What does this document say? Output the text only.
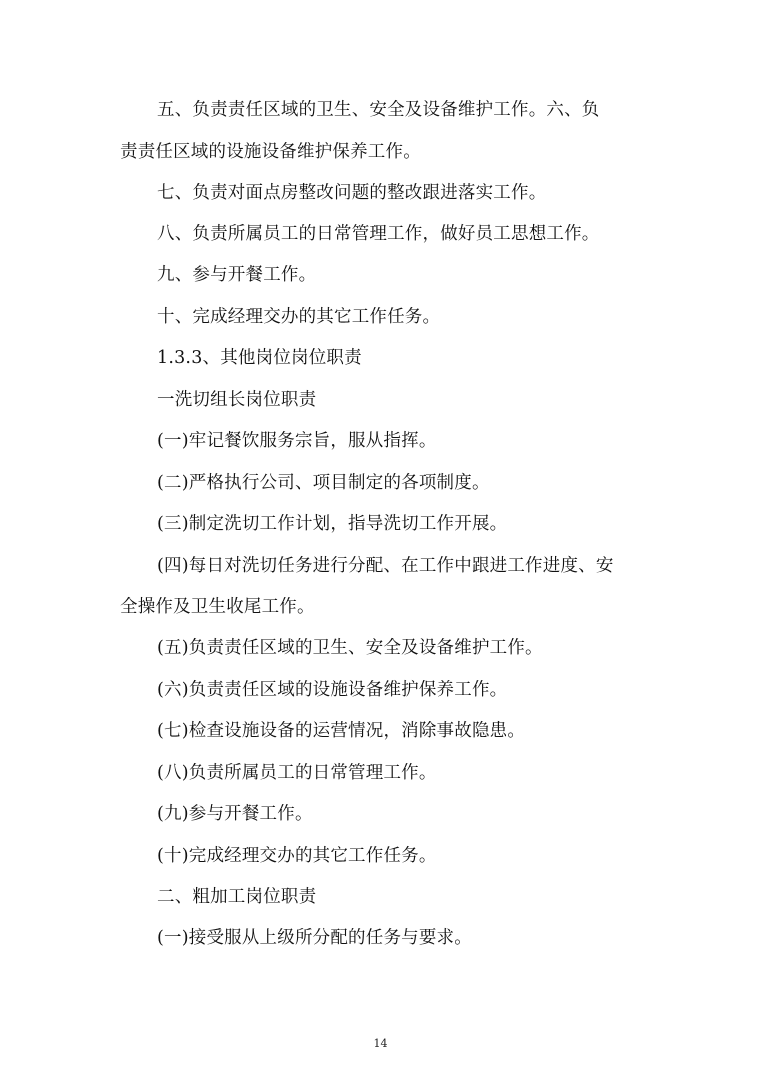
五、负责责任区域的卫生、安全及设备维护工作。六、负
责责任区域的设施设备维护保养工作。
七、负责对面点房整改问题的整改跟进落实工作。
八、负责所属员工的日常管理工作，做好员工思想工作。
九、参与开餐工作。
十、完成经理交办的其它工作任务。
1.3.3、其他岗位岗位职责
一洗切组长岗位职责
(一)牢记餐饮服务宗旨，服从指挥。
(二)严格执行公司、项目制定的各项制度。
(三)制定洗切工作计划，指导洗切工作开展。
(四)每日对洗切任务进行分配、在工作中跟进工作进度、安
全操作及卫生收尾工作。
(五)负责责任区域的卫生、安全及设备维护工作。
(六)负责责任区域的设施设备维护保养工作。
(七)检查设施设备的运营情况，消除事故隐患。
(八)负责所属员工的日常管理工作。
(九)参与开餐工作。
(十)完成经理交办的其它工作任务。
二、粗加工岗位职责
(一)接受服从上级所分配的任务与要求。
14
